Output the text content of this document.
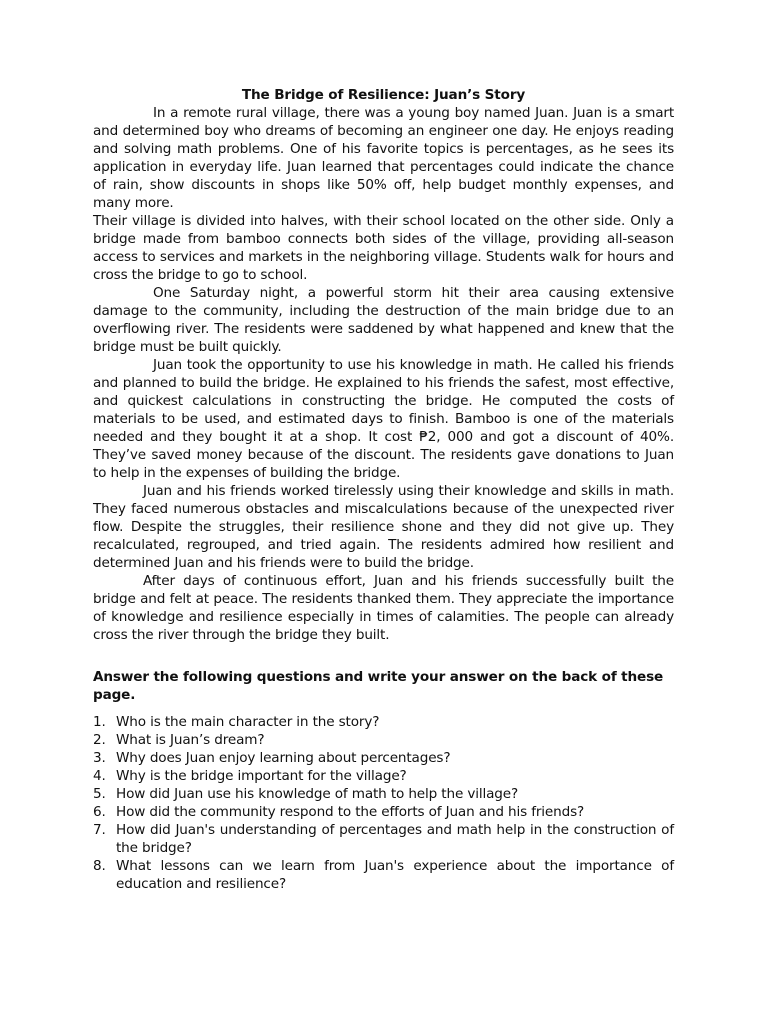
The Bridge of Resilience: Juan’s Story

In a remote rural village, there was a young boy named Juan. Juan is a smart and determined boy who dreams of becoming an engineer one day. He enjoys reading and solving math problems. One of his favorite topics is percentages, as he sees its application in everyday life. Juan learned that percentages could indicate the chance of rain, show discounts in shops like 50% off, help budget monthly expenses, and many more.

Their village is divided into halves, with their school located on the other side. Only a bridge made from bamboo connects both sides of the village, providing all-season access to services and markets in the neighboring village. Students walk for hours and cross the bridge to go to school.

One Saturday night, a powerful storm hit their area causing extensive damage to the community, including the destruction of the main bridge due to an overflowing river. The residents were saddened by what happened and knew that the bridge must be built quickly.

Juan took the opportunity to use his knowledge in math. He called his friends and planned to build the bridge. He explained to his friends the safest, most effective, and quickest calculations in constructing the bridge. He computed the costs of materials to be used, and estimated days to finish. Bamboo is one of the materials needed and they bought it at a shop. It cost ₱2, 000 and got a discount of 40%. They’ve saved money because of the discount. The residents gave donations to Juan to help in the expenses of building the bridge.

Juan and his friends worked tirelessly using their knowledge and skills in math. They faced numerous obstacles and miscalculations because of the unexpected river flow. Despite the struggles, their resilience shone and they did not give up. They recalculated, regrouped, and tried again. The residents admired how resilient and determined Juan and his friends were to build the bridge.

After days of continuous effort, Juan and his friends successfully built the bridge and felt at peace. The residents thanked them. They appreciate the importance of knowledge and resilience especially in times of calamities. The people can already cross the river through the bridge they built.

Answer the following questions and write your answer on the back of these page.

1. Who is the main character in the story?
2. What is Juan’s dream?
3. Why does Juan enjoy learning about percentages?
4. Why is the bridge important for the village?
5. How did Juan use his knowledge of math to help the village?
6. How did the community respond to the efforts of Juan and his friends?
7. How did Juan's understanding of percentages and math help in the construction of the bridge?
8. What lessons can we learn from Juan's experience about the importance of education and resilience?
